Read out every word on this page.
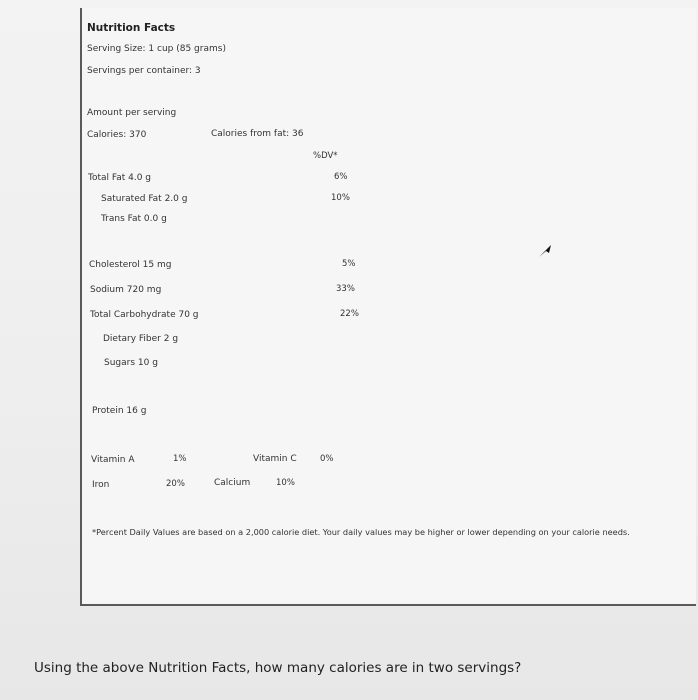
Nutrition Facts
Serving Size: 1 cup (85 grams)
Servings per container: 3
Amount per serving
Calories: 370	Calories from fat: 36
%DV*
Total Fat 4.0 g	6%
Saturated Fat 2.0 g	10%
Trans Fat 0.0 g
Cholesterol 15 mg	5%
Sodium 720 mg	33%
Total Carbohydrate 70 g	22%
Dietary Fiber 2 g
Sugars 10 g
Protein 16 g
Vitamin A	1%	Vitamin C	0%
Iron	20%	Calcium	10%
*Percent Daily Values are based on a 2,000 calorie diet. Your daily values may be higher or lower depending on your calorie needs.
Using the above Nutrition Facts, how many calories are in two servings?
